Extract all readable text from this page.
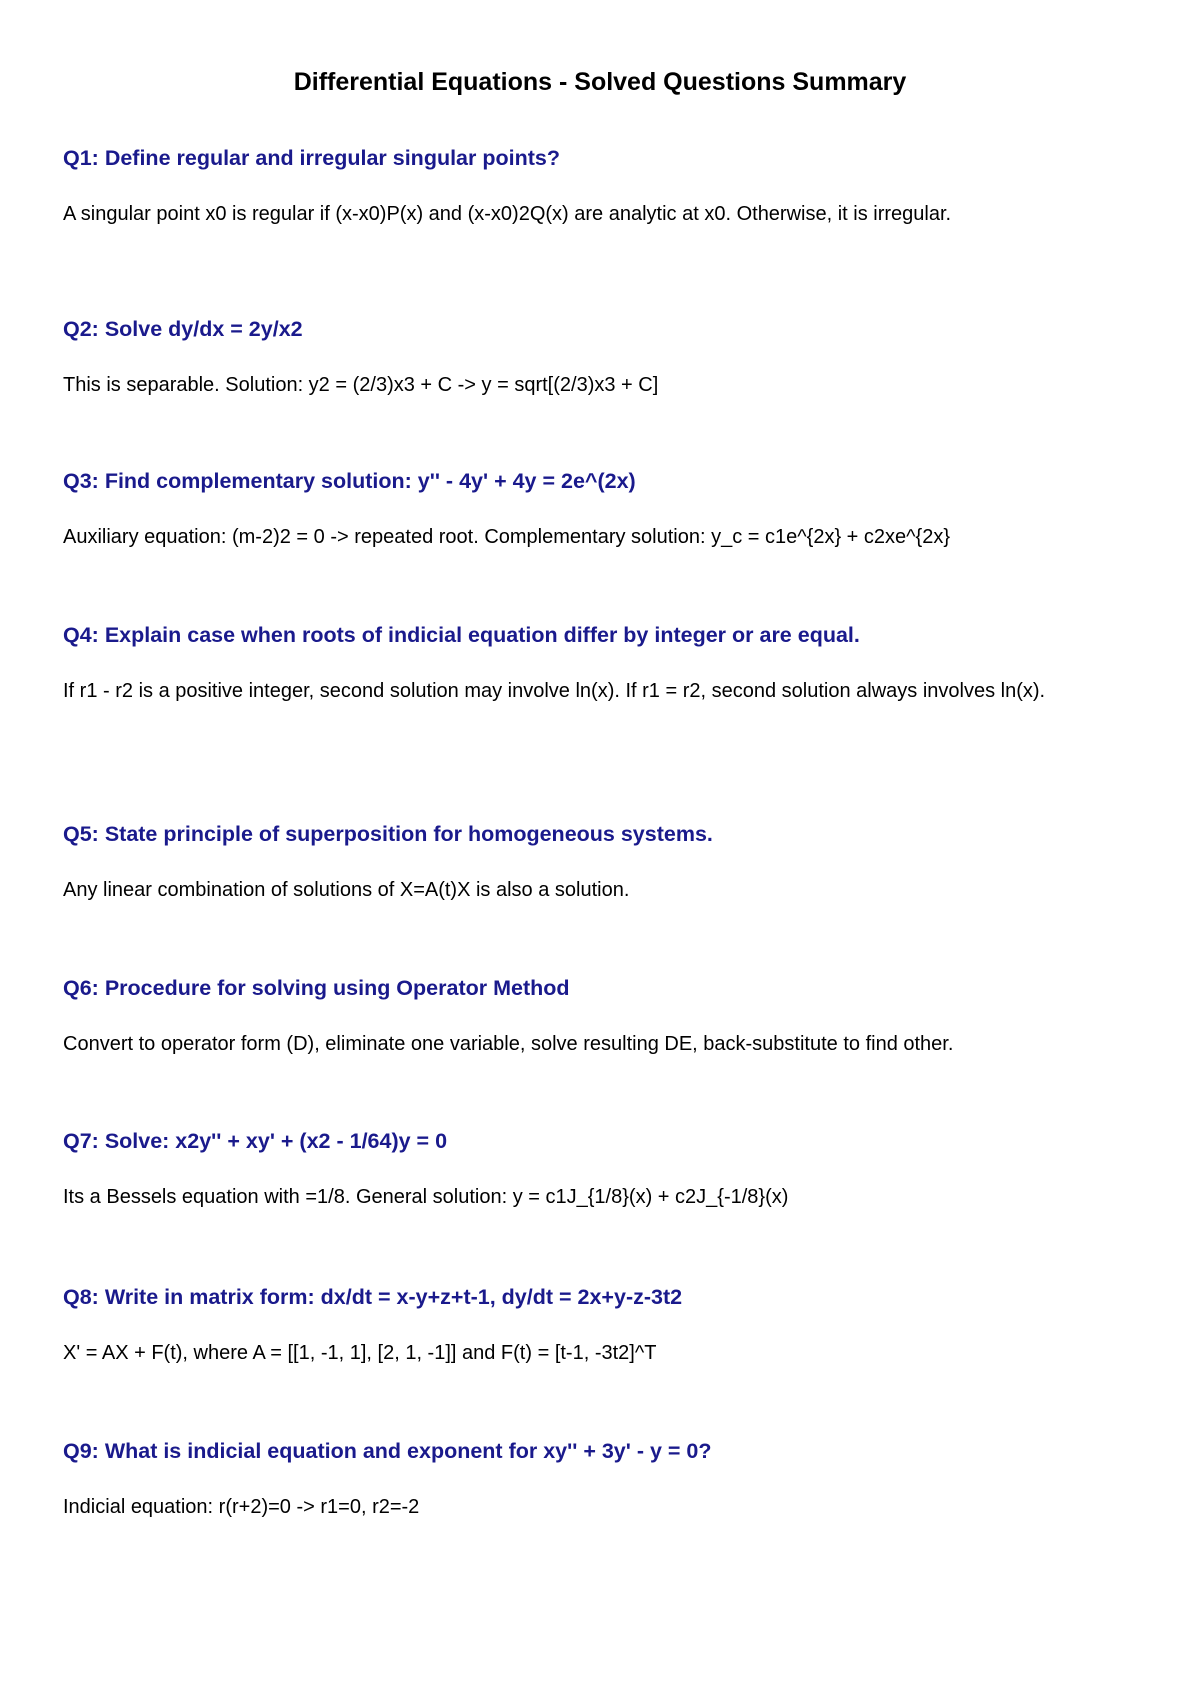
Differential Equations - Solved Questions Summary

Q1: Define regular and irregular singular points?

A singular point x0 is regular if (x-x0)P(x) and (x-x0)2Q(x) are analytic at x0. Otherwise, it is irregular.

Q2: Solve dy/dx = 2y/x2

This is separable. Solution: y2 = (2/3)x3 + C -> y = sqrt[(2/3)x3 + C]

Q3: Find complementary solution: y'' - 4y' + 4y = 2e^(2x)

Auxiliary equation: (m-2)2 = 0 -> repeated root. Complementary solution: y_c = c1e^{2x} + c2xe^{2x}

Q4: Explain case when roots of indicial equation differ by integer or are equal.

If r1 - r2 is a positive integer, second solution may involve ln(x). If r1 = r2, second solution always involves ln(x).

Q5: State principle of superposition for homogeneous systems.

Any linear combination of solutions of X=A(t)X is also a solution.

Q6: Procedure for solving using Operator Method

Convert to operator form (D), eliminate one variable, solve resulting DE, back-substitute to find other.

Q7: Solve: x2y'' + xy' + (x2 - 1/64)y = 0

Its a Bessels equation with =1/8. General solution: y = c1J_{1/8}(x) + c2J_{-1/8}(x)

Q8: Write in matrix form: dx/dt = x-y+z+t-1, dy/dt = 2x+y-z-3t2

X' = AX + F(t), where A = [[1, -1, 1], [2, 1, -1]] and F(t) = [t-1, -3t2]^T

Q9: What is indicial equation and exponent for xy'' + 3y' - y = 0?

Indicial equation: r(r+2)=0 -> r1=0, r2=-2
